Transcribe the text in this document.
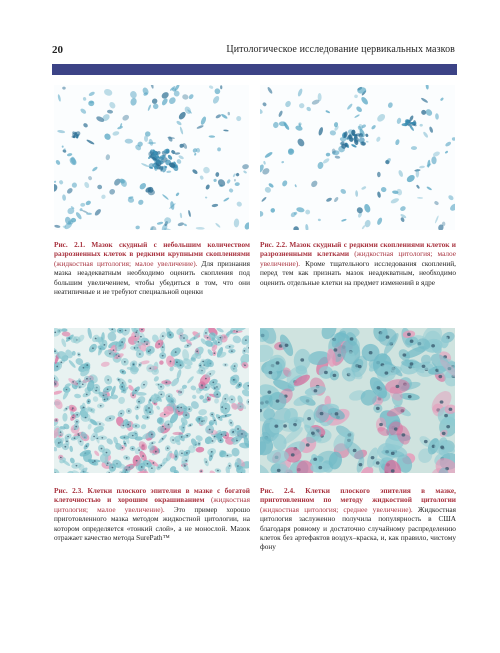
20	Цитологическое исследование цервикальных мазков
Рис. 2.1. Мазок скудный с небольшим количеством разрозненных клеток в редкими крупными скоплениями (жидкостная цитология; малое увеличение). Для признания мазка неадекватным необходимо оценить скопления под большим увеличением, чтобы убедиться в том, что они неатипичные и не требуют специальной оценки
Рис. 2.2. Мазок скудный с редкими скоплениями клеток и разрозненными клетками (жидкостная цитология; малое увеличение). Кроме тщательного исследования скоплений, перед тем как признать мазок неадекватным, необходимо оценить отдельные клетки на предмет изменений в ядре
Рис. 2.3. Клетки плоского эпителия в мазке с богатой клеточностью и хорошим окрашиванием (жидкостная цитология; малое увеличение). Это пример хорошо приготовленного мазка методом жидкостной цитологии, на котором определяется «тонкий слой», а не монослой. Мазок отражает качество метода SurePath™
Рис. 2.4. Клетки плоского эпителия в мазке, приготовленном по методу жидкостной цитологии (жидкостная цитология; среднее увеличение). Жидкостная цитология заслуженно получила популярность в США благодаря ровному и достаточно случайному распределению клеток без артефактов воздух–краска, и, как правило, чистому фону
